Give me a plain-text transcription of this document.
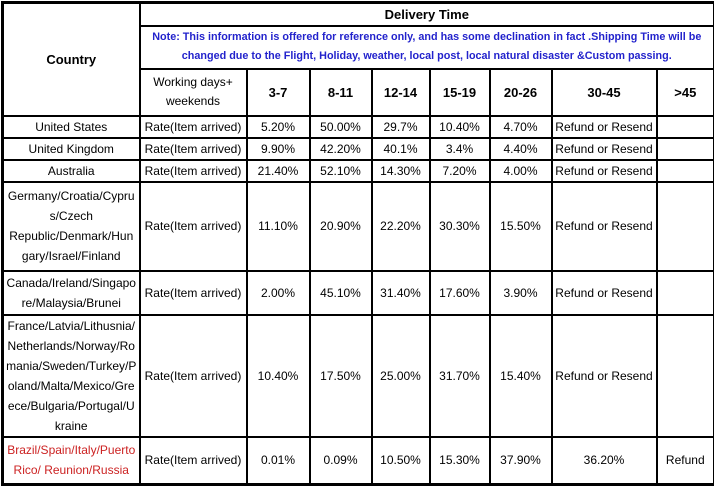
Country	Delivery Time							
	Note: This information is offered for reference only, and has some declination in fact .Shipping Time will be changed due to the Flight, Holiday, weather, local post, local natural disaster &Custom passing.							
	Working days+ weekends	3-7	8-11	12-14	15-19	20-26	30-45	>45
United States	Rate(Item arrived)	5.20%	50.00%	29.7%	10.40%	4.70%	Refund or Resend	
United Kingdom	Rate(Item arrived)	9.90%	42.20%	40.1%	3.4%	4.40%	Refund or Resend	
Australia	Rate(Item arrived)	21.40%	52.10%	14.30%	7.20%	4.00%	Refund or Resend	
Germany/Croatia/Cyprus/Czech Republic/Denmark/Hungary/Israel/Finland	Rate(Item arrived)	11.10%	20.90%	22.20%	30.30%	15.50%	Refund or Resend	
Canada/Ireland/Singapore/Malaysia/Brunei	Rate(Item arrived)	2.00%	45.10%	31.40%	17.60%	3.90%	Refund or Resend	
France/Latvia/Lithusnia/ Netherlands/Norway/Romania/Sweden/Turkey/Poland/Malta/Mexico/Greece/Bulgaria/Portugal/Ukraine	Rate(Item arrived)	10.40%	17.50%	25.00%	31.70%	15.40%	Refund or Resend	
Brazil/Spain/Italy/Puerto Rico/ Reunion/Russia	Rate(Item arrived)	0.01%	0.09%	10.50%	15.30%	37.90%	36.20%	Refund
